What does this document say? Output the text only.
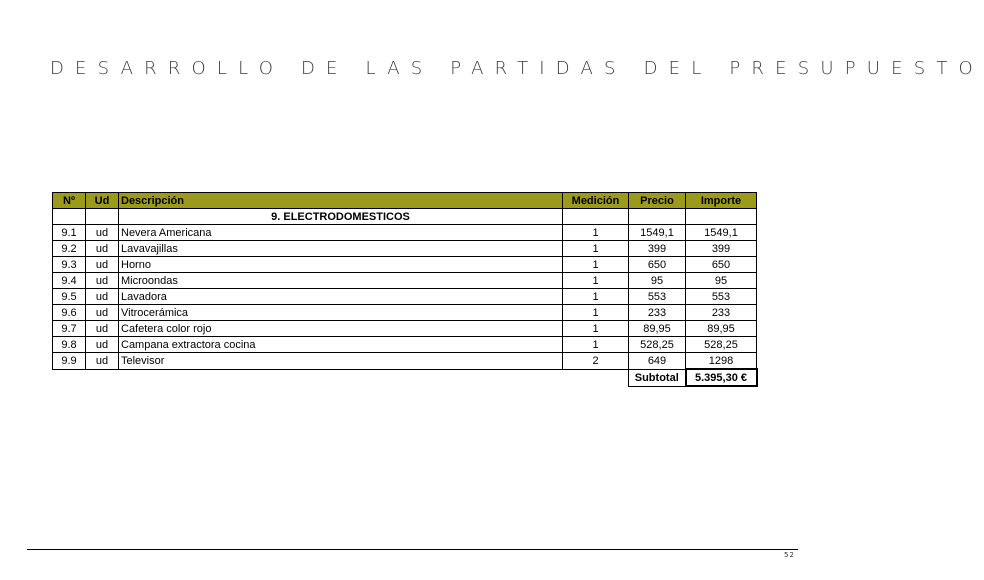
DESARROLLO DE LAS PARTIDAS DEL PRESUPUESTO
Nº	Ud	Descripción	Medición	Precio	Importe
		9. ELECTRODOMESTICOS			
9.1	ud	Nevera Americana	1	1549,1	1549,1
9.2	ud	Lavavajillas	1	399	399
9.3	ud	Horno	1	650	650
9.4	ud	Microondas	1	95	95
9.5	ud	Lavadora	1	553	553
9.6	ud	Vitrocerámica	1	233	233
9.7	ud	Cafetera color rojo	1	89,95	89,95
9.8	ud	Campana extractora cocina	1	528,25	528,25
9.9	ud	Televisor	2	649	1298
				Subtotal	5.395,30 €
52
